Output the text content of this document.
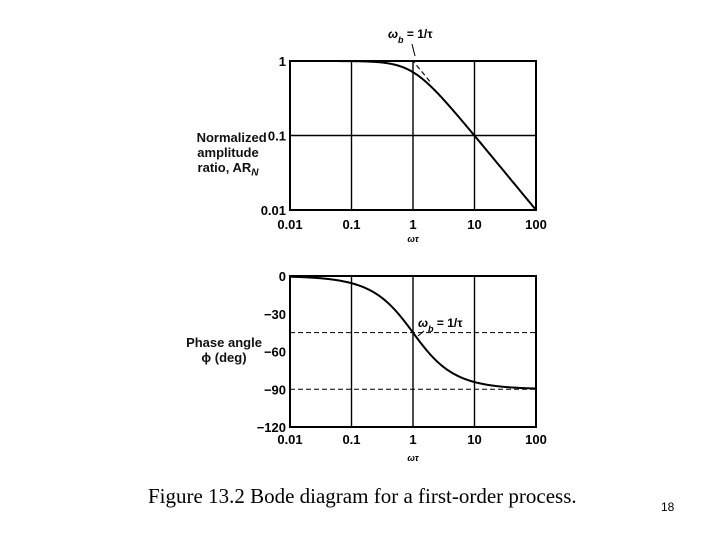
1
0.1
0.01
0.01	0.1	1	10	100
ωτ
$\omega_b = 1/\tau$
0
−30
−60
−90
−120
0.01	0.1	1	10	100
ωτ
$\omega_b = 1/\tau$

Normalized
amplitude
ratio, $AR_N$

Phase angle
ϕ (deg)
Figure 13.2 Bode diagram for a first-order process.	18
